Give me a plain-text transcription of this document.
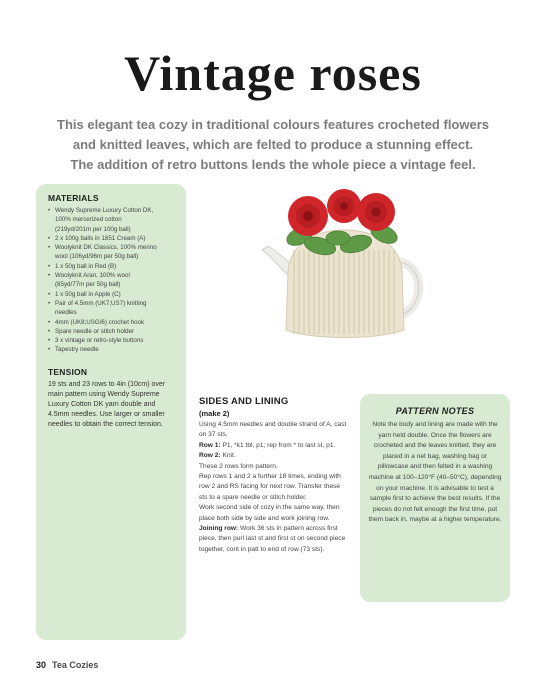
Vintage roses
This elegant tea cozy in traditional colours features crocheted flowers
and knitted leaves, which are felted to produce a stunning effect.
The addition of retro buttons lends the whole piece a vintage feel.
MATERIALS
• Wendy Supreme Luxury Cotton DK,
100% mercerized cotton
(219yd/201m per 100g ball)
• 2 x 100g balls in 1851 Cream (A)
• Woolyknit DK Classics, 100% merino
wool (106yd/96m per 50g ball)
• 1 x 50g ball in Red (B)
• Woolyknit Aran, 100% wool
(85yd/77m per 50g ball)
• 1 x 50g ball in Apple (C)
• Pair of 4.5mm (UK7;US7) knitting
needles
• 4mm (UK8;USG/6) crochet hook
• Spare needle or stitch holder
• 3 x vintage or retro-style buttons
• Tapestry needle
TENSION

19 sts and 23 rows to 4in (10cm) over main pattern using Wendy Supreme Luxury Cotton DK yarn double and 4.5mm needles. Use larger or smaller needles to obtain the correct tension.

SIDES AND LINING
(make 2)

Using 4.5mm needles and double strand of A, cast on 37 sts.

Row 1: P1, *k1 tbl, p1; rep from * to last st, p1.

Row 2: Knit.

These 2 rows form pattern.

Rep rows 1 and 2 a further 18 times, ending with row 2 and RS facing for next row. Transfer these sts to a spare needle or stitch holder.

Work second side of cozy in the same way, then place both side by side and work joining row.

Joining row: Work 36 sts in pattern across first piece, then purl last st and first st on second piece together, cont in patt to end of row (73 sts).

PATTERN NOTES

Note the body and lining are made with the yarn held double. Once the flowers are crocheted and the leaves knitted, they are placed in a net bag, washing bag or pillowcase and then felted in a washing machine at 100–120°F (40–50°C), depending on your machine. It is advisable to test a sample first to achieve the best results. If the pieces do not felt enough the first time, put them back in, maybe at a higher temperature.

30 Tea Cozies
